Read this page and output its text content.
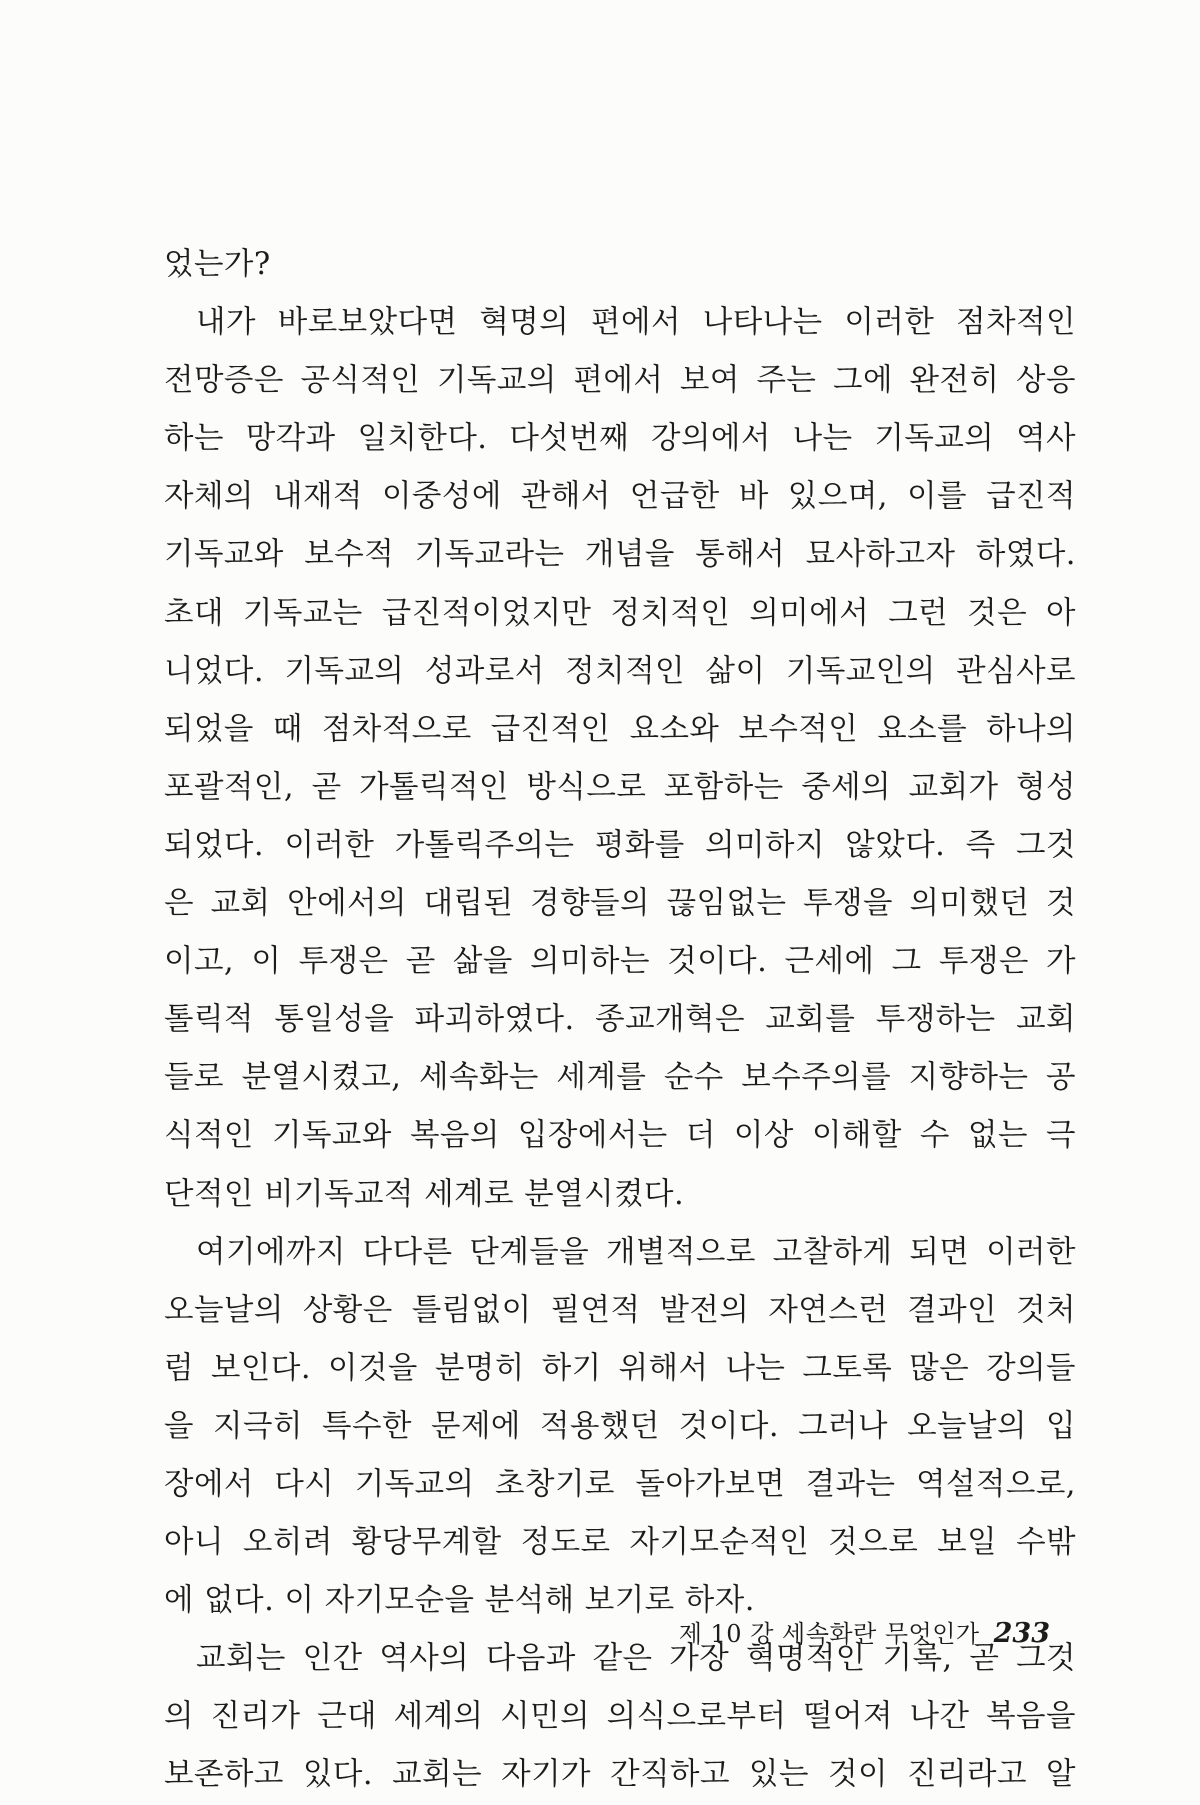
었는가?
내가 바로보았다면 혁명의 편에서 나타나는 이러한 점차적인
전망증은 공식적인 기독교의 편에서 보여 주는 그에 완전히 상응
하는 망각과 일치한다. 다섯번째 강의에서 나는 기독교의 역사
자체의 내재적 이중성에 관해서 언급한 바 있으며, 이를 급진적
기독교와 보수적 기독교라는 개념을 통해서 묘사하고자 하였다.
초대 기독교는 급진적이었지만 정치적인 의미에서 그런 것은 아
니었다. 기독교의 성과로서 정치적인 삶이 기독교인의 관심사로
되었을 때 점차적으로 급진적인 요소와 보수적인 요소를 하나의
포괄적인, 곧 가톨릭적인 방식으로 포함하는 중세의 교회가 형성
되었다. 이러한 가톨릭주의는 평화를 의미하지 않았다. 즉 그것
은 교회 안에서의 대립된 경향들의 끊임없는 투쟁을 의미했던 것
이고, 이 투쟁은 곧 삶을 의미하는 것이다. 근세에 그 투쟁은 가
톨릭적 통일성을 파괴하였다. 종교개혁은 교회를 투쟁하는 교회
들로 분열시켰고, 세속화는 세계를 순수 보수주의를 지향하는 공
식적인 기독교와 복음의 입장에서는 더 이상 이해할 수 없는 극
단적인 비기독교적 세계로 분열시켰다.
여기에까지 다다른 단계들을 개별적으로 고찰하게 되면 이러한
오늘날의 상황은 틀림없이 필연적 발전의 자연스런 결과인 것처
럼 보인다. 이것을 분명히 하기 위해서 나는 그토록 많은 강의들
을 지극히 특수한 문제에 적용했던 것이다. 그러나 오늘날의 입
장에서 다시 기독교의 초창기로 돌아가보면 결과는 역설적으로,
아니 오히려 황당무계할 정도로 자기모순적인 것으로 보일 수밖
에 없다. 이 자기모순을 분석해 보기로 하자.
교회는 인간 역사의 다음과 같은 가장 혁명적인 기록, 곧 그것
의 진리가 근대 세계의 시민의 의식으로부터 떨어져 나간 복음을
보존하고 있다. 교회는 자기가 간직하고 있는 것이 진리라고 알
제 10 강 세속화란 무엇인가 233
